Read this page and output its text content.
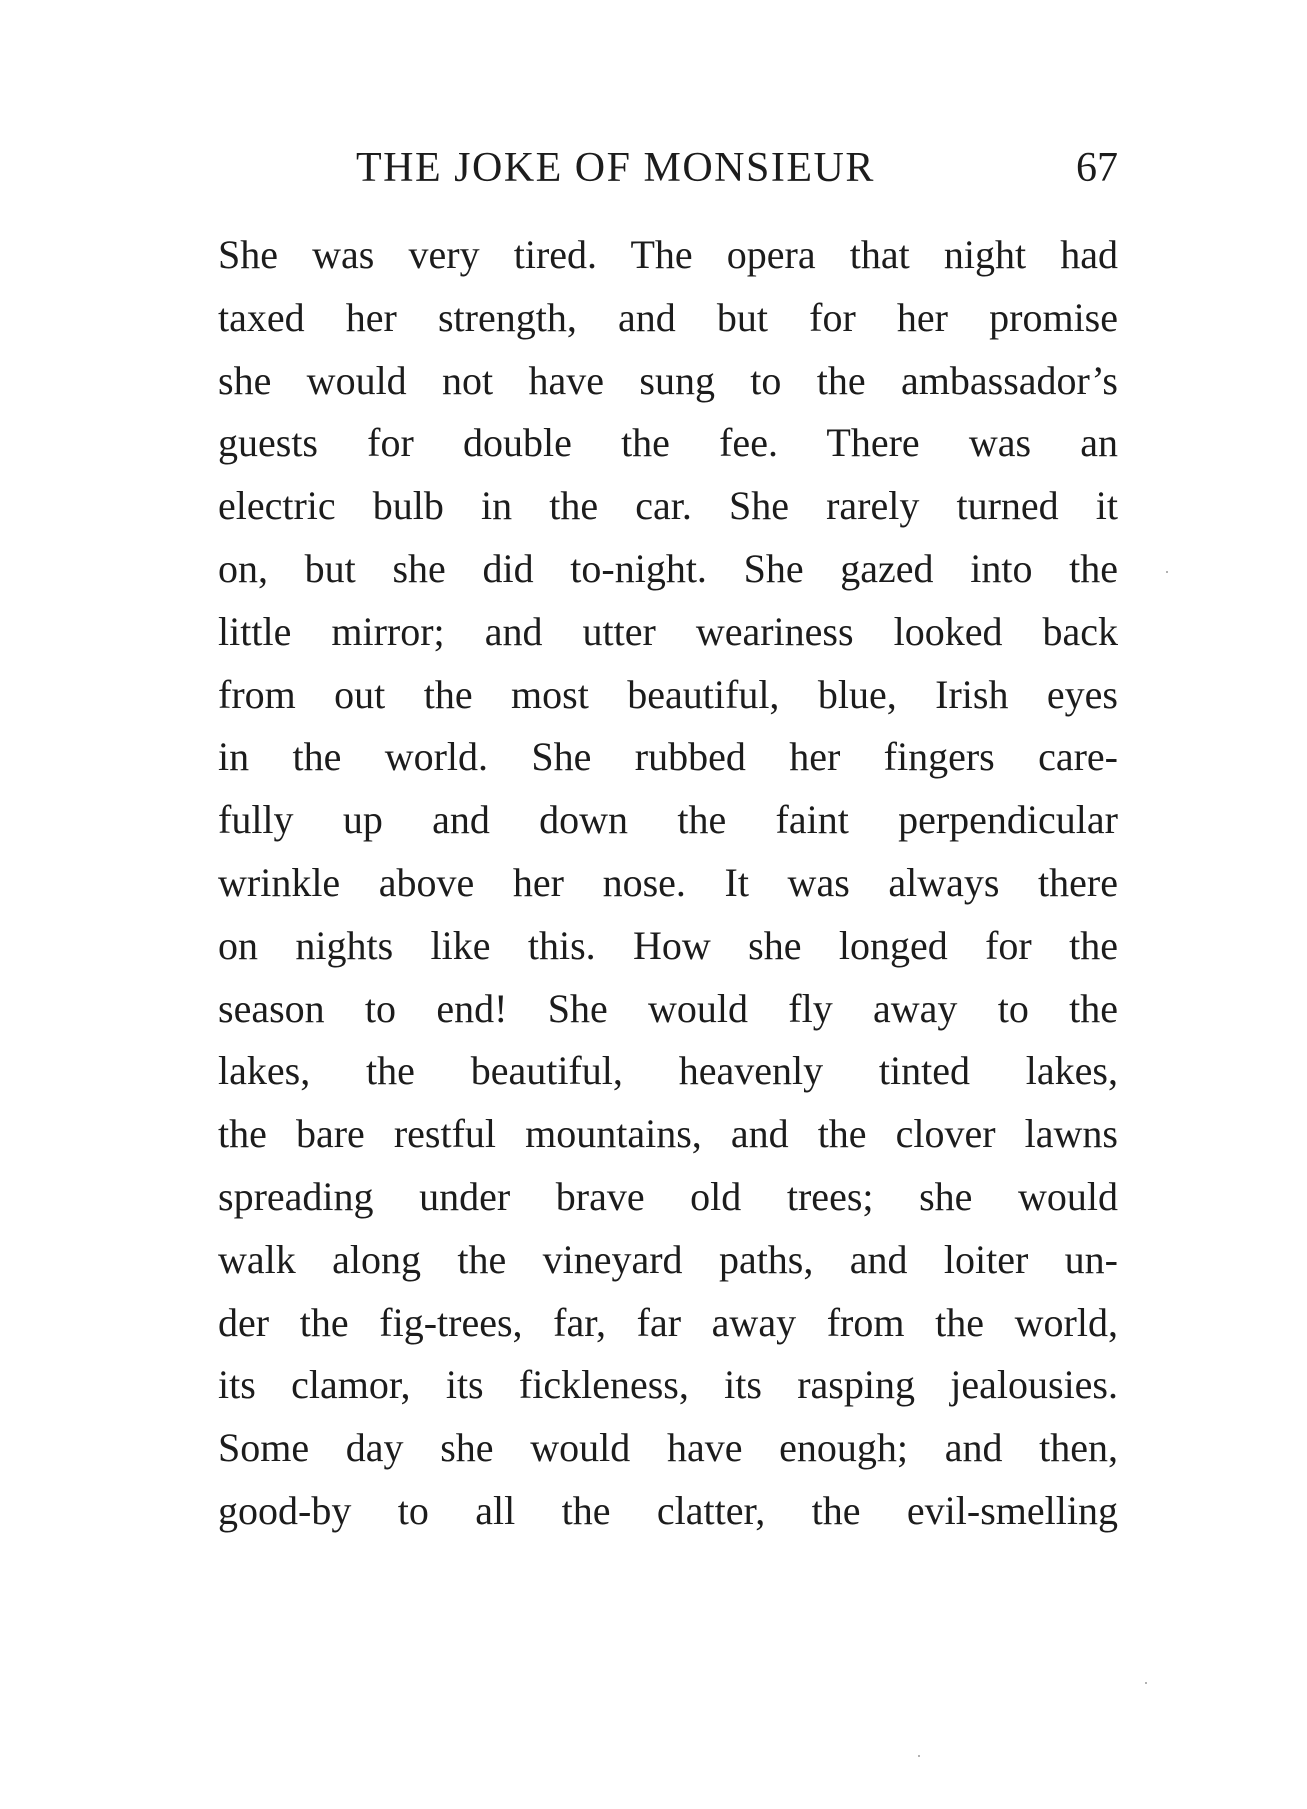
THE JOKE OF MONSIEUR	67
She was very tired. The opera that night had
taxed her strength, and but for her promise
she would not have sung to the ambassador’s
guests for double the fee. There was an
electric bulb in the car. She rarely turned it
on, but she did to-night. She gazed into the
little mirror; and utter weariness looked back
from out the most beautiful, blue, Irish eyes
in the world. She rubbed her fingers care-
fully up and down the faint perpendicular
wrinkle above her nose. It was always there
on nights like this. How she longed for the
season to end! She would fly away to the
lakes, the beautiful, heavenly tinted lakes,
the bare restful mountains, and the clover lawns
spreading under brave old trees; she would
walk along the vineyard paths, and loiter un-
der the fig-trees, far, far away from the world,
its clamor, its fickleness, its rasping jealousies.
Some day she would have enough; and then,
good-by to all the clatter, the evil-smelling
